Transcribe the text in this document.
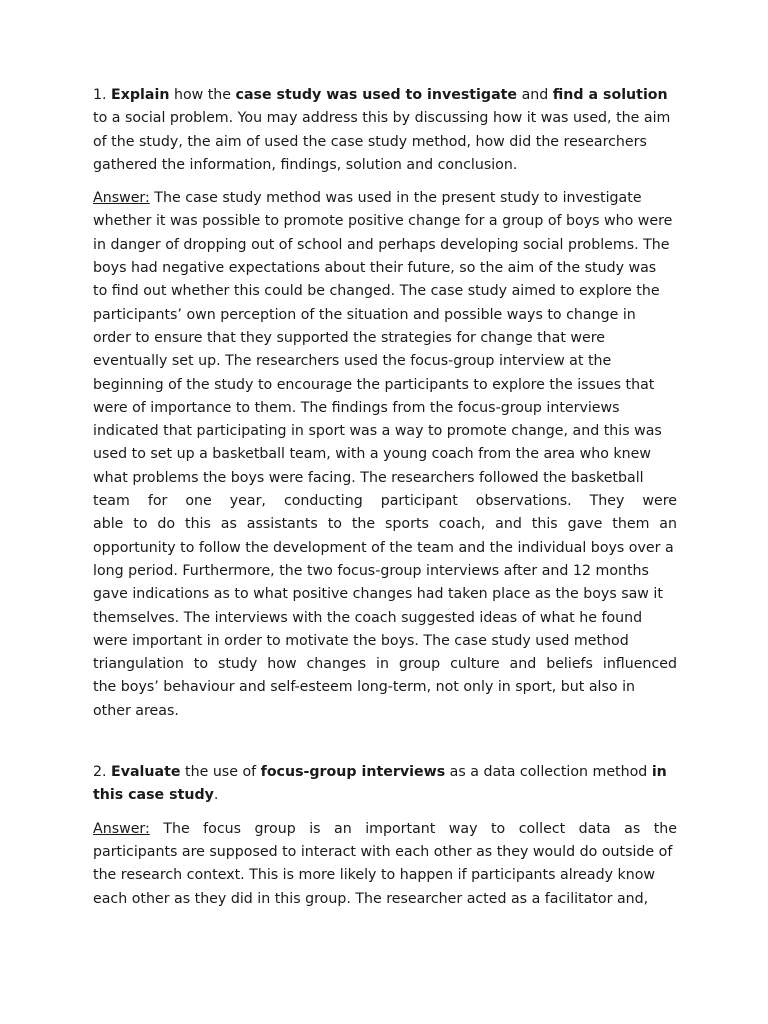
1. Explain how the case study was used to investigate and find a solution
to a social problem. You may address this by discussing how it was used, the aim
of the study, the aim of used the case study method, how did the researchers
gathered the information, findings, solution and conclusion.
Answer: The case study method was used in the present study to investigate
whether it was possible to promote positive change for a group of boys who were
in danger of dropping out of school and perhaps developing social problems. The
boys had negative expectations about their future, so the aim of the study was
to find out whether this could be changed. The case study aimed to explore the
participants’ own perception of the situation and possible ways to change in
order to ensure that they supported the strategies for change that were
eventually set up. The researchers used the focus-group interview at the
beginning of the study to encourage the participants to explore the issues that
were of importance to them. The findings from the focus-group interviews
indicated that participating in sport was a way to promote change, and this was
used to set up a basketball team, with a young coach from the area who knew
what problems the boys were facing. The researchers followed the basketball
team for one year, conducting participant observations. They were
able to do this as assistants to the sports coach, and this gave them an
opportunity to follow the development of the team and the individual boys over a
long period. Furthermore, the two focus-group interviews after and 12 months
gave indications as to what positive changes had taken place as the boys saw it
themselves. The interviews with the coach suggested ideas of what he found
were important in order to motivate the boys. The case study used method
triangulation to study how changes in group culture and beliefs influenced
the boys’ behaviour and self-esteem long-term, not only in sport, but also in
other areas.
2. Evaluate the use of focus-group interviews as a data collection method in
this case study.
Answer: The focus group is an important way to collect data as the
participants are supposed to interact with each other as they would do outside of
the research context. This is more likely to happen if participants already know
each other as they did in this group. The researcher acted as a facilitator and,
